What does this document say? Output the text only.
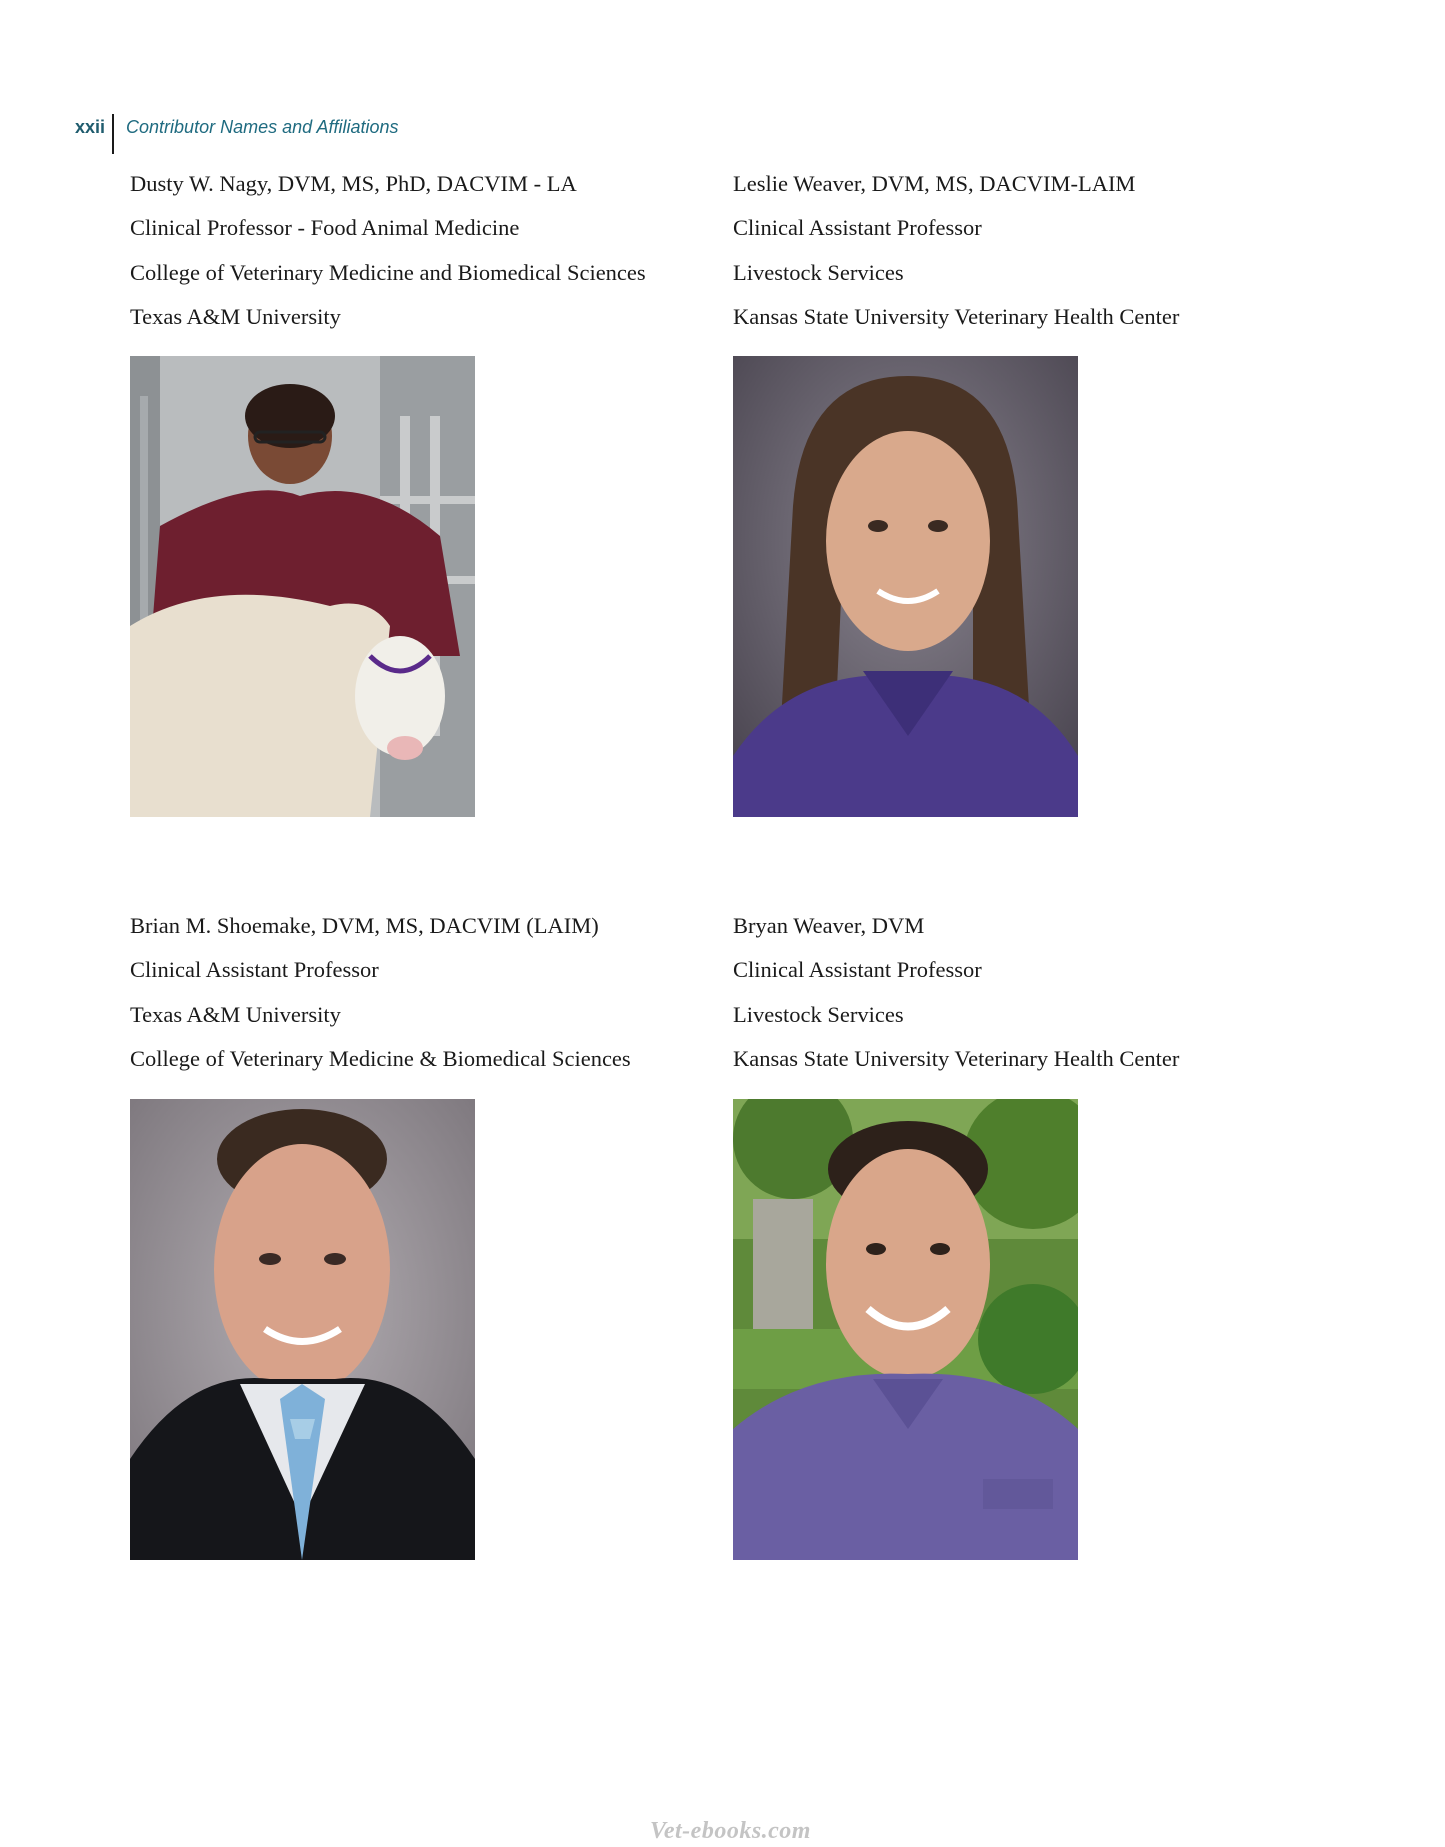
xxii	Contributor Names and Affiliations
Dusty W. Nagy, DVM, MS, PhD, DACVIM - LA
Clinical Professor - Food Animal Medicine
College of Veterinary Medicine and Biomedical Sciences
Texas A&M University
Leslie Weaver, DVM, MS, DACVIM-LAIM
Clinical Assistant Professor
Livestock Services
Kansas State University Veterinary Health Center
Brian M. Shoemake, DVM, MS, DACVIM (LAIM)
Clinical Assistant Professor
Texas A&M University
College of Veterinary Medicine & Biomedical Sciences
Bryan Weaver, DVM
Clinical Assistant Professor
Livestock Services
Kansas State University Veterinary Health Center
Vet-ebooks.com
